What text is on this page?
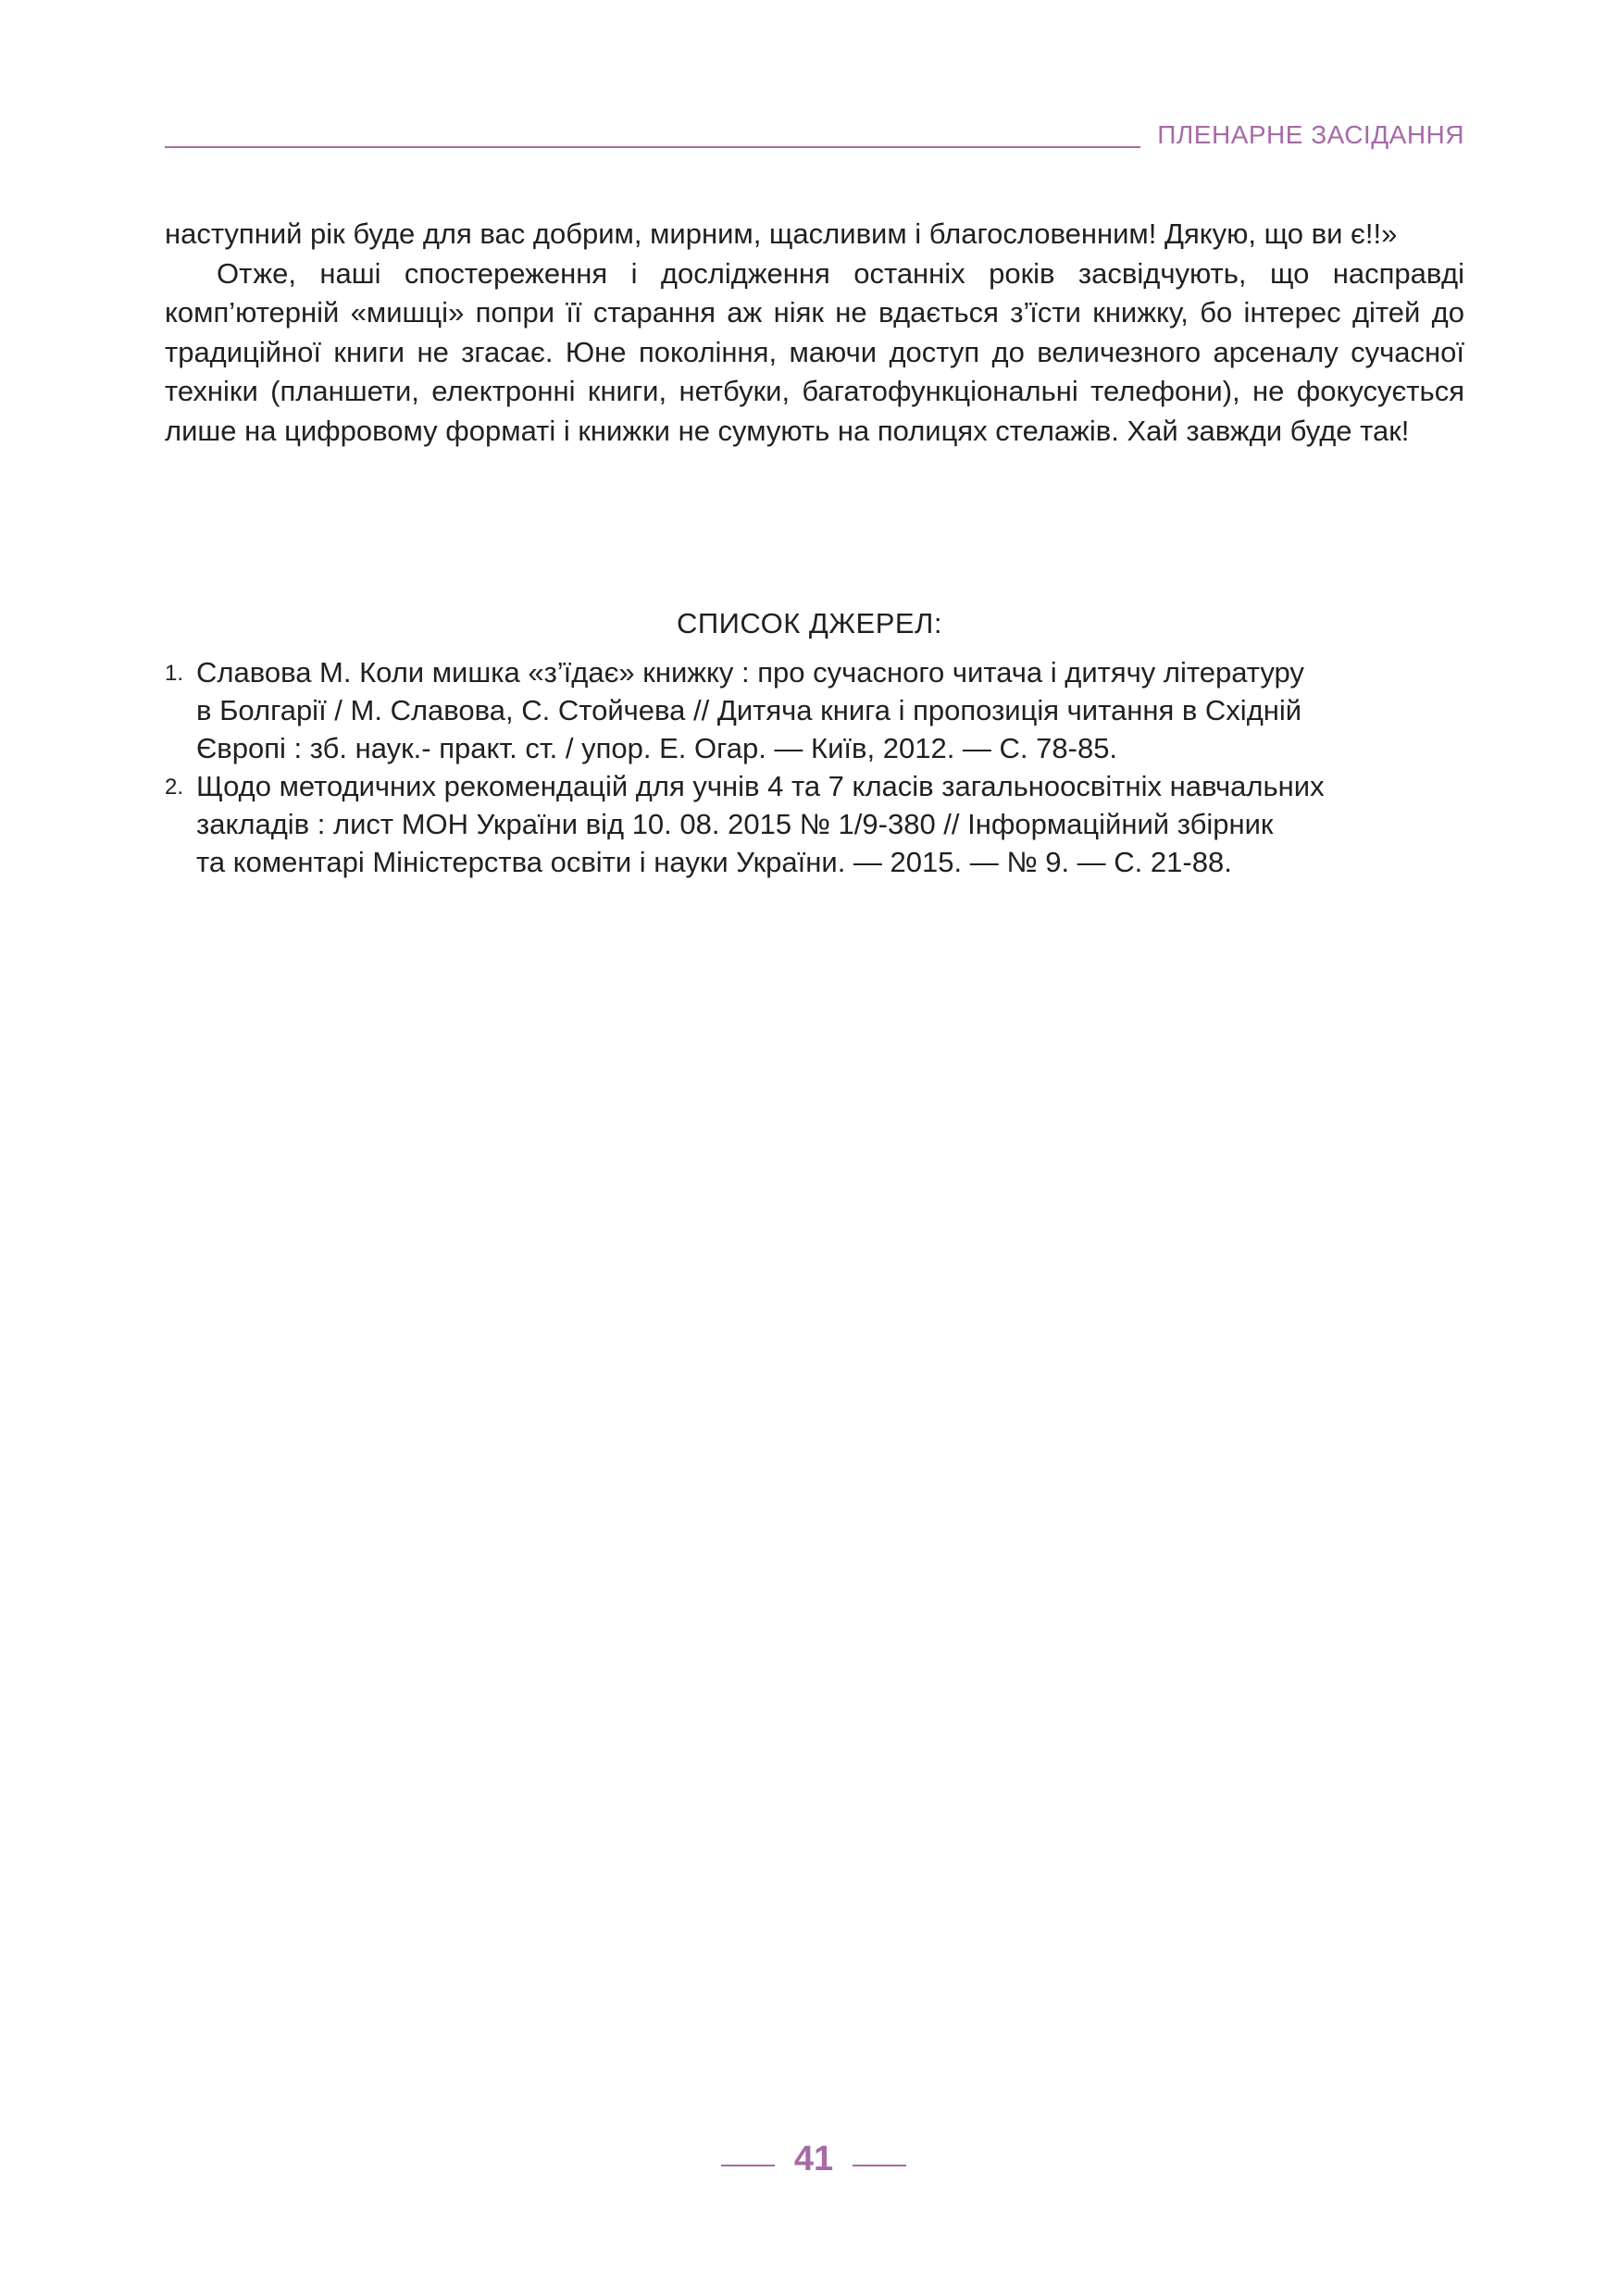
ПЛЕНАРНЕ ЗАСІДАННЯ

наступний рік буде для вас добрим, мирним, щасливим і благословенним! Дякую, що ви є!!»

Отже, наші спостереження і дослідження останніх років засвідчують, що насправді комп’ютерній «мишці» попри її старання аж ніяк не вдається з’їсти книжку, бо інтерес дітей до традиційної книги не згасає. Юне покоління, маючи доступ до величезного арсеналу сучасної техніки (планшети, електронні книги, нетбуки, багатофункціональні телефони), не фокусується лише на цифровому форматі і книжки не сумують на полицях стелажів. Хай завжди буде так!

СПИСОК ДЖЕРЕЛ:
1. Славова М. Коли мишка «з’їдає» книжку : про сучасного читача і дитячу літературу
в Болгарії / М. Славова, С. Стойчева // Дитяча книга і пропозиція читання в Східній
Європі : зб. наук.- практ. ст. / упор. Е. Огар. — Київ, 2012. — С. 78-85.
2. Щодо методичних рекомендацій для учнів 4 та 7 класів загальноосвітніх навчальних
закладів : лист МОН України від 10. 08. 2015 № 1/9-380 // Інформаційний збірник
та коментарі Міністерства освіти і науки України. — 2015. — № 9. — С. 21-88.
41
